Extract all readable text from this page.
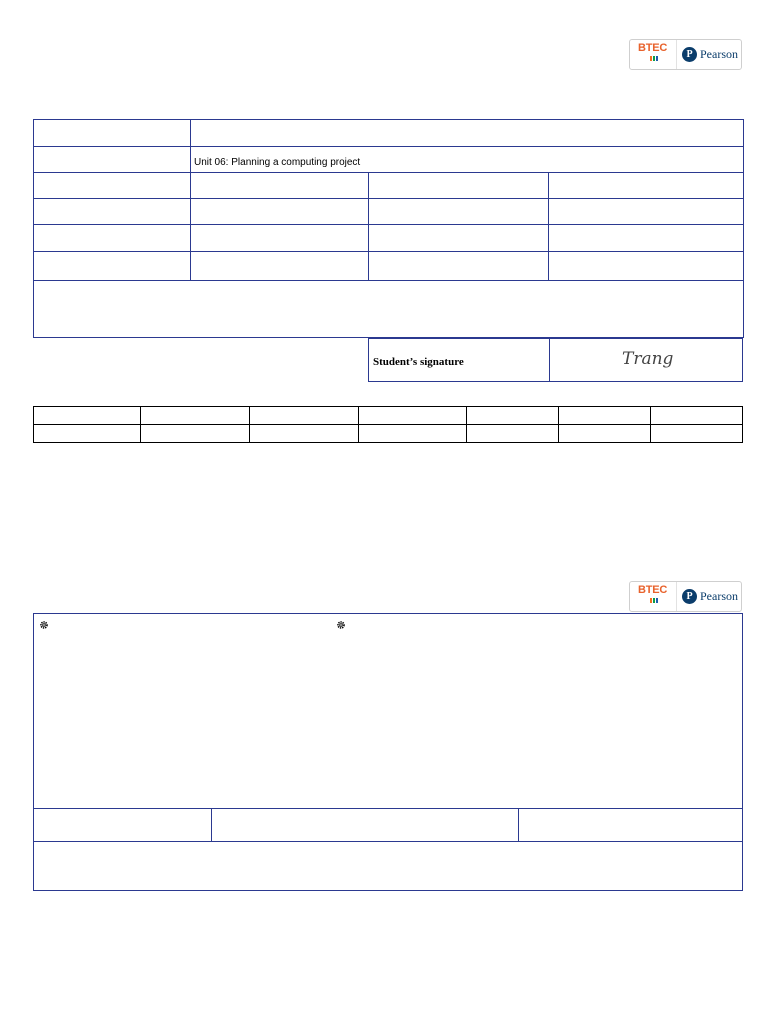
BTEC
P Pearson

	Unit 06: Planning a computing project		

Student’s signature	Trang
BTEC
P Pearson
